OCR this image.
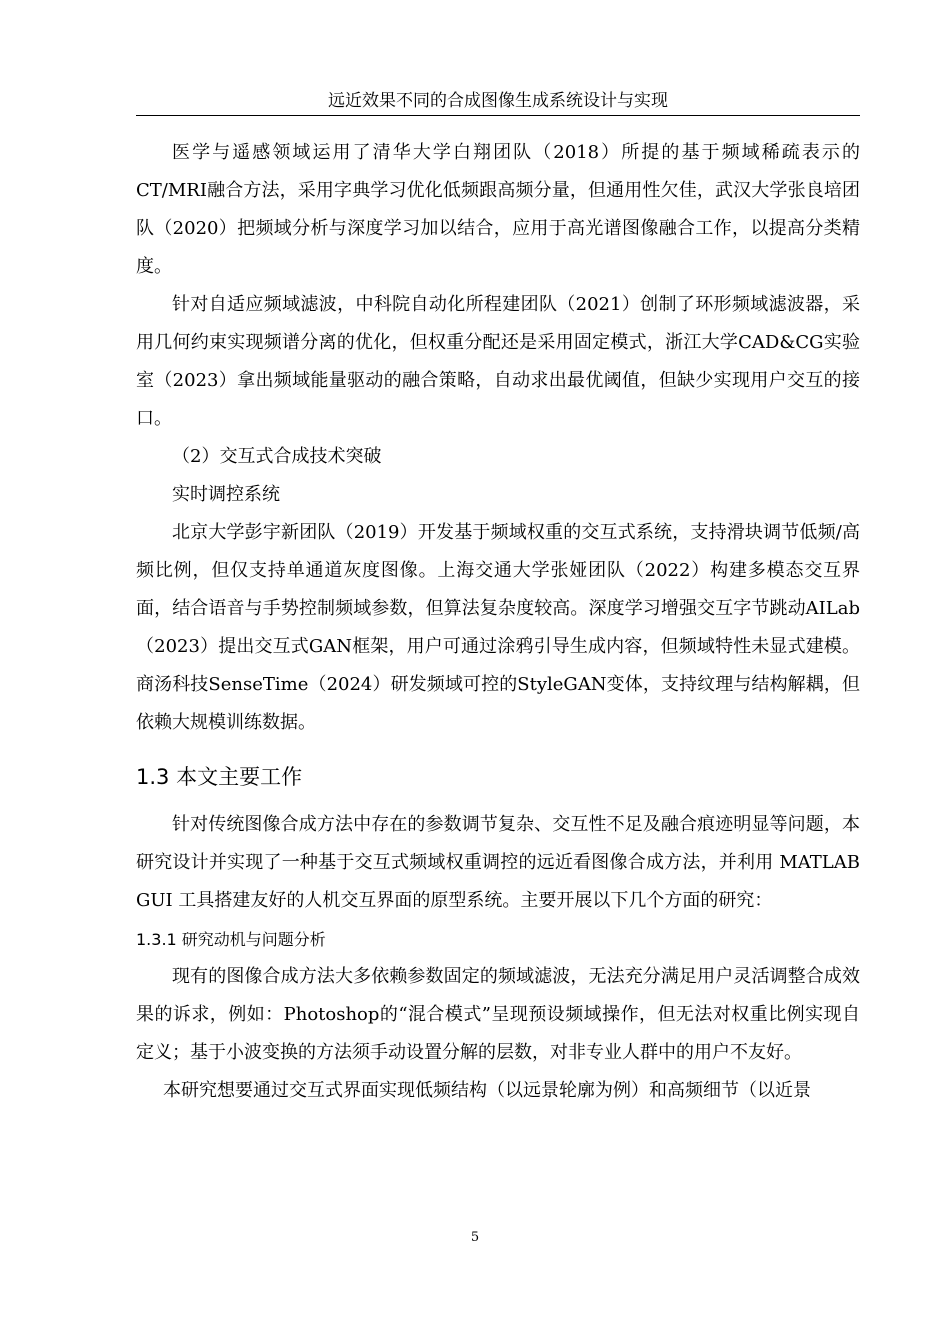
远近效果不同的合成图像生成系统设计与实现

医学与遥感领域运用了清华大学白翔团队（2018）所提的基于频域稀疏表示的CT/MRI融合方法，采用字典学习优化低频跟高频分量，但通用性欠佳，武汉大学张良培团队（2020）把频域分析与深度学习加以结合，应用于高光谱图像融合工作，以提高分类精度。

针对自适应频域滤波，中科院自动化所程建团队（2021）创制了环形频域滤波器，采用几何约束实现频谱分离的优化，但权重分配还是采用固定模式，浙江大学CAD&CG实验室（2023）拿出频域能量驱动的融合策略，自动求出最优阈值，但缺少实现用户交互的接口。

（2）交互式合成技术突破

实时调控系统

北京大学彭宇新团队（2019）开发基于频域权重的交互式系统，支持滑块调节低频/高频比例，但仅支持单通道灰度图像。上海交通大学张娅团队（2022）构建多模态交互界面，结合语音与手势控制频域参数，但算法复杂度较高。深度学习增强交互字节跳动AILab（2023）提出交互式GAN框架，用户可通过涂鸦引导生成内容，但频域特性未显式建模。商汤科技SenseTime（2024）研发频域可控的StyleGAN变体，支持纹理与结构解耦，但依赖大规模训练数据。

1.3 本文主要工作

针对传统图像合成方法中存在的参数调节复杂、交互性不足及融合痕迹明显等问题，本研究设计并实现了一种基于交互式频域权重调控的远近看图像合成方法，并利用 MATLAB GUI 工具搭建友好的人机交互界面的原型系统。主要开展以下几个方面的研究：

1.3.1 研究动机与问题分析

现有的图像合成方法大多依赖参数固定的频域滤波，无法充分满足用户灵活调整合成效果的诉求，例如：Photoshop的“混合模式”呈现预设频域操作，但无法对权重比例实现自定义；基于小波变换的方法须手动设置分解的层数，对非专业人群中的用户不友好。

本研究想要通过交互式界面实现低频结构（以远景轮廓为例）和高频细节（以近景

5
